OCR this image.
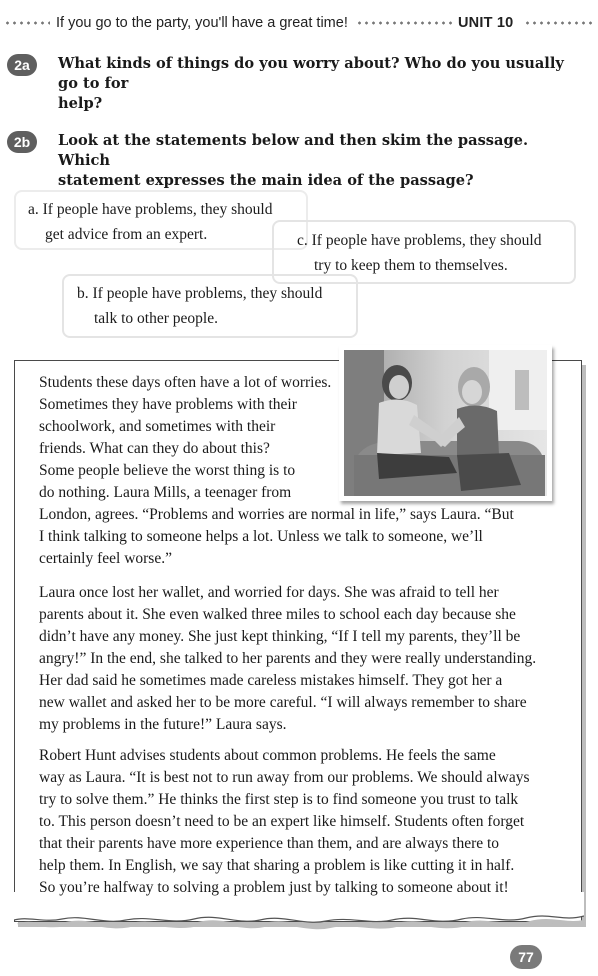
If you go to the party, you'll have a great time!	UNIT 10
2a	What kinds of things do you worry about? Who do you usually go to for
help?
2b	Look at the statements below and then skim the passage. Which
statement expresses the main idea of the passage?
a. If people have problems, they should
get advice from an expert.	c. If people have problems, they should
try to keep them to themselves.
b. If people have problems, they should
talk to other people.

Students these days often have a lot of worries.

Sometimes they have problems with their

schoolwork, and sometimes with their

friends. What can they do about this?

Some people believe the worst thing is to

do nothing. Laura Mills, a teenager from

London, agrees. “Problems and worries are normal in life,” says Laura. “But

I think talking to someone helps a lot. Unless we talk to someone, we’ll

certainly feel worse.”

Laura once lost her wallet, and worried for days. She was afraid to tell her

parents about it. She even walked three miles to school each day because she

didn’t have any money. She just kept thinking, “If I tell my parents, they’ll be

angry!” In the end, she talked to her parents and they were really understanding.

Her dad said he sometimes made careless mistakes himself. They got her a

new wallet and asked her to be more careful. “I will always remember to share

my problems in the future!” Laura says.

Robert Hunt advises students about common problems. He feels the same

way as Laura. “It is best not to run away from our problems. We should always

try to solve them.” He thinks the first step is to find someone you trust to talk

to. This person doesn’t need to be an expert like himself. Students often forget

that their parents have more experience than them, and are always there to

help them. In English, we say that sharing a problem is like cutting it in half.

So you’re halfway to solving a problem just by talking to someone about it!

77
